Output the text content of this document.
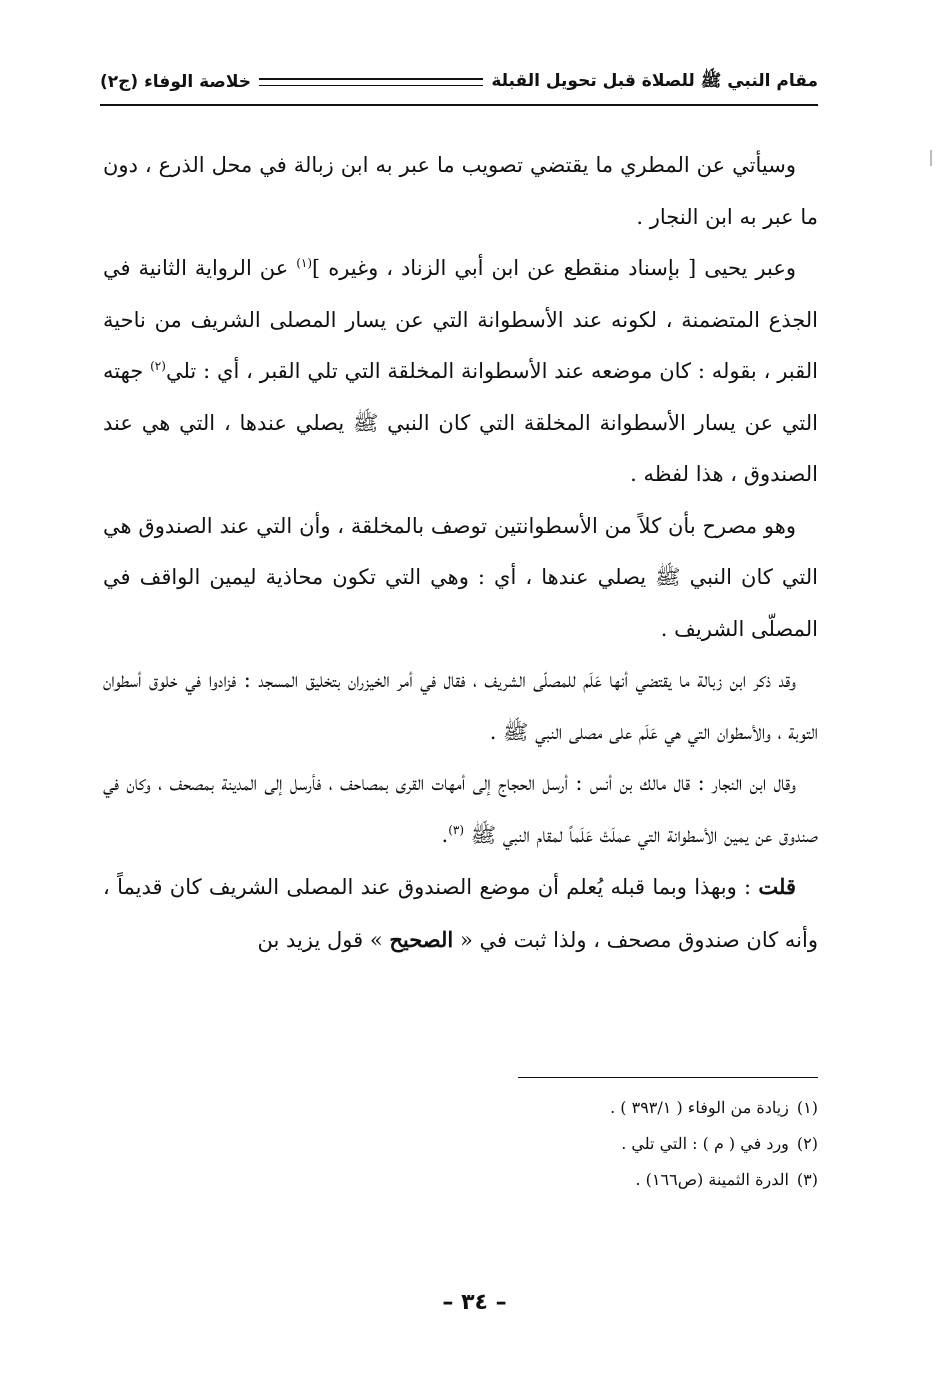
مقام النبي ﷺ للصلاة قبل تحويل القبلة
خلاصة الوفاء (ج٢)

وسيأتي عن المطري ما يقتضي تصويب ما عبر به ابن زبالة في محل الذرع ، دون ما عبر به ابن النجار .

وعبر يحيى [ بإسناد منقطع عن ابن أبي الزناد ، وغيره ]$^{(١)}$ عن الرواية الثانية في الجذع المتضمنة ، لكونه عند الأسطوانة التي عن يسار المصلى الشريف من ناحية القبر ، بقوله : كان موضعه عند الأسطوانة المخلقة التي تلي القبر ، أي : تلي$^{(٢)}$ جهته التي عن يسار الأسطوانة المخلقة التي كان النبي ﷺ يصلي عندها ، التي هي عند الصندوق ، هذا لفظه .

وهو مصرح بأن كلاً من الأسطوانتين توصف بالمخلقة ، وأن التي عند الصندوق هي التي كان النبي ﷺ يصلي عندها ، أي : وهي التي تكون محاذية ليمين الواقف في المصلّى الشريف .

وقد ذكر ابن زبالة ما يقتضي أنها عَلَم للمصلّى الشريف ، فقال في أمر الخيزران بتخليق المسجد : فزادوا في خلوق أسطوان التوبة ، والأسطوان التي هي عَلَم على مصلى النبي ﷺ .

وقال ابن النجار : قال مالك بن أنس : أرسل الحجاج إلى أمهات القرى بمصاحف ، فأرسل إلى المدينة بمصحف ، وكان في صندوق عن يمين الأسطوانة التي عملَتْ عَلَماً لمقام النبي ﷺ $^{(٣)}$.

قلت : وبهذا وبما قبله يُعلم أن موضع الصندوق عند المصلى الشريف كان قديماً ، وأنه كان صندوق مصحف ، ولذا ثبت في « الصحيح » قول يزيد بن

(١)زيادة من الوفاء ( ٣٩٣/١ ) .
(٢)ورد في ( م ) : التي تلي .
(٣)الدرة الثمينة (ص١٦٦) .
– ٣٤ –
